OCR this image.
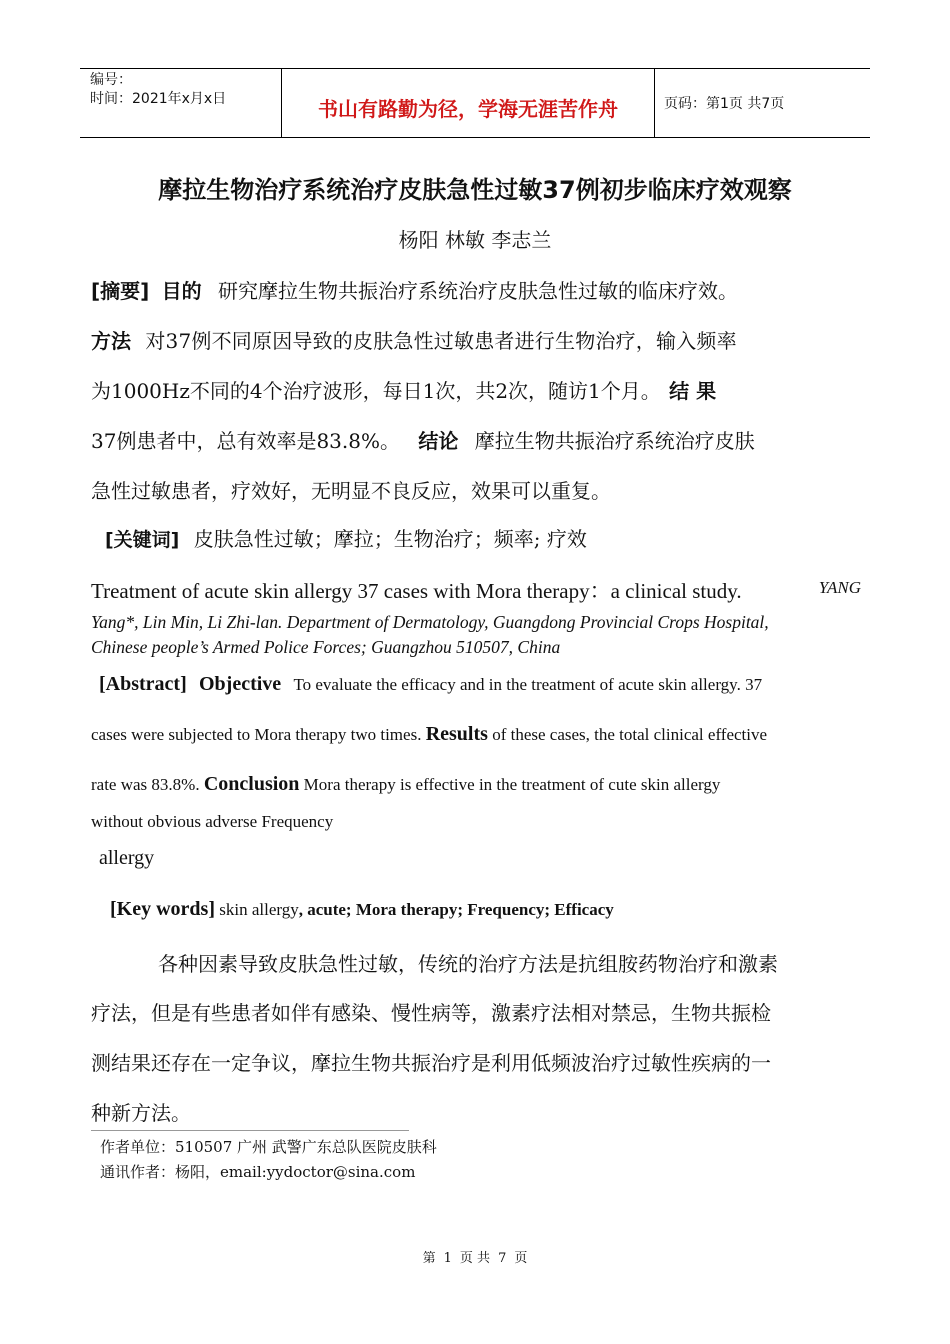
编号：
时间：2021年x月x日	书山有路勤为径，学海无涯苦作舟	页码：第1页 共7页
摩拉生物治疗系统治疗皮肤急性过敏37例初步临床疗效观察
杨阳 林敏 李志兰
[摘要] 目的 研究摩拉生物共振治疗系统治疗皮肤急性过敏的临床疗效。
方法 对37例不同原因导致的皮肤急性过敏患者进行生物治疗，输入频率
为1000Hz不同的4个治疗波形，每日1次，共2次，随访1个月。 结 果
37例患者中，总有效率是83.8%。 结论 摩拉生物共振治疗系统治疗皮肤
急性过敏患者，疗效好，无明显不良反应，效果可以重复。
[关键词] 皮肤急性过敏；摩拉；生物治疗；频率; 疗效
Treatment of acute skin allergy 37 cases with Mora therapy：a clinical study.	YANG
Yang*, Lin Min, Li Zhi-lan. Department of Dermatology, Guangdong Provincial Crops Hospital,
Chinese people’s Armed Police Forces; Guangzhou 510507, China
[Abstract] Objective To evaluate the efficacy and in the treatment of acute skin allergy. 37
cases were subjected to Mora therapy two times. Results of these cases, the total clinical effective
rate was 83.8%. Conclusion Mora therapy is effective in the treatment of cute skin allergy
without obvious adverse Frequency
allergy
[Key words] skin allergy, acute; Mora therapy; Frequency; Efficacy
各种因素导致皮肤急性过敏，传统的治疗方法是抗组胺药物治疗和激素
疗法，但是有些患者如伴有感染、慢性病等，激素疗法相对禁忌，生物共振检
测结果还存在一定争议，摩拉生物共振治疗是利用低频波治疗过敏性疾病的一
种新方法。
作者单位：510507 广州 武警广东总队医院皮肤科
通讯作者：杨阳，email:yydoctor@sina.com
第 1 页 共 7 页
